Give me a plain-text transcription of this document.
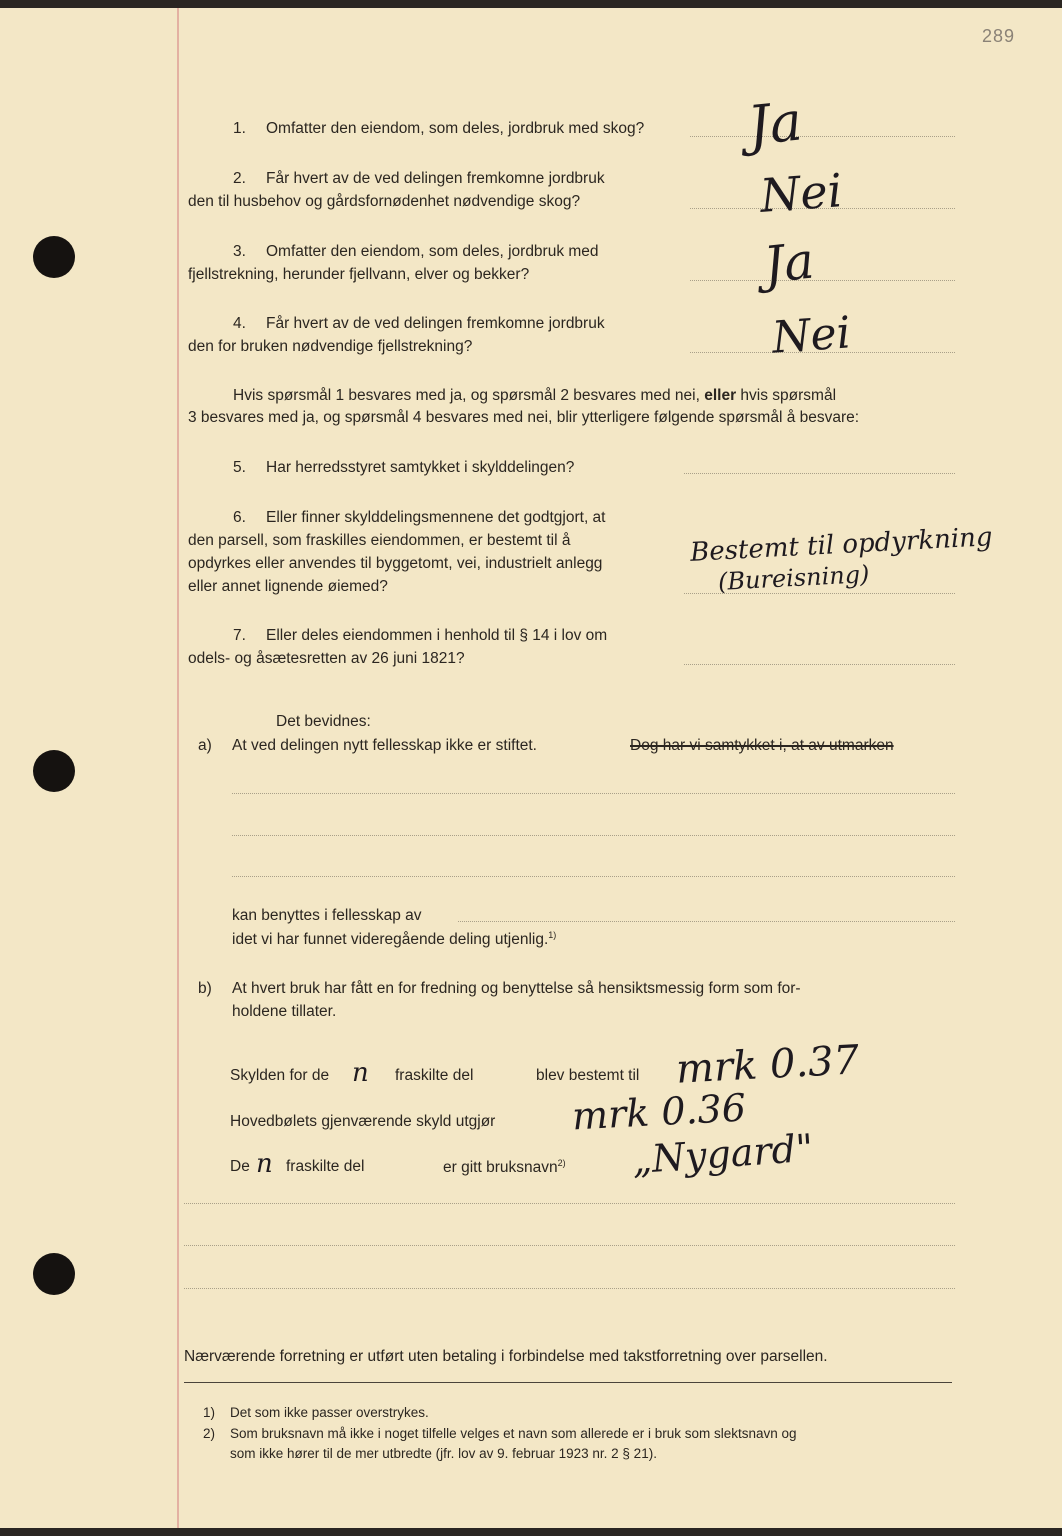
289
1. Omfatter den eiendom, som deles, jordbruk med skog? Ja
2. Får hvert av de ved delingen fremkomne jordbruk
den til husbehov og gårdsfornødenhet nødvendige skog?	Nei
3. Omfatter den eiendom, som deles, jordbruk med
fjellstrekning, herunder fjellvann, elver og bekker?	Ja
4. Får hvert av de ved delingen fremkomne jordbruk
den for bruken nødvendige fjellstrekning?	Nei
Hvis spørsmål 1 besvares med ja, og spørsmål 2 besvares med nei, eller hvis spørsmål
3 besvares med ja, og spørsmål 4 besvares med nei, blir ytterligere følgende spørsmål å besvare:
5. Har herredsstyret samtykket i skylddelingen?
6. Eller finner skylddelingsmennene det godtgjort, at
den parsell, som fraskilles eiendommen, er bestemt til å
opdyrkes eller anvendes til byggetomt, vei, industrielt anlegg
eller annet lignende øiemed?
Bestemt til opdyrkning
(Bureisning)
7. Eller deles eiendommen i henhold til § 14 i lov om
odels- og åsætesretten av 26 juni 1821?
Det bevidnes:
a) At ved delingen nytt fellesskap ikke er stiftet.	Dog har vi samtykket i, at av utmarken
kan benyttes i fellesskap av
idet vi har funnet videregående deling utjenlig.$^{1)}$
b) At hvert bruk har fått en for fredning og benyttelse så hensiktsmessig form som for-
holdene tillater.
Skylden for de n fraskilte del	blev bestemt til mrk 0.37
Hovedbølets gjenværende skyld utgjør mrk 0.36
De n fraskilte del	er gitt bruksnavn$^{2)}$ „Nygard"
Nærværende forretning er utført uten betaling i forbindelse med takstforretning over parsellen.
1) Det som ikke passer overstrykes.
2) Som bruksnavn må ikke i noget tilfelle velges et navn som allerede er i bruk som slektsnavn og
som ikke hører til de mer utbredte (jfr. lov av 9. februar 1923 nr. 2 § 21).
